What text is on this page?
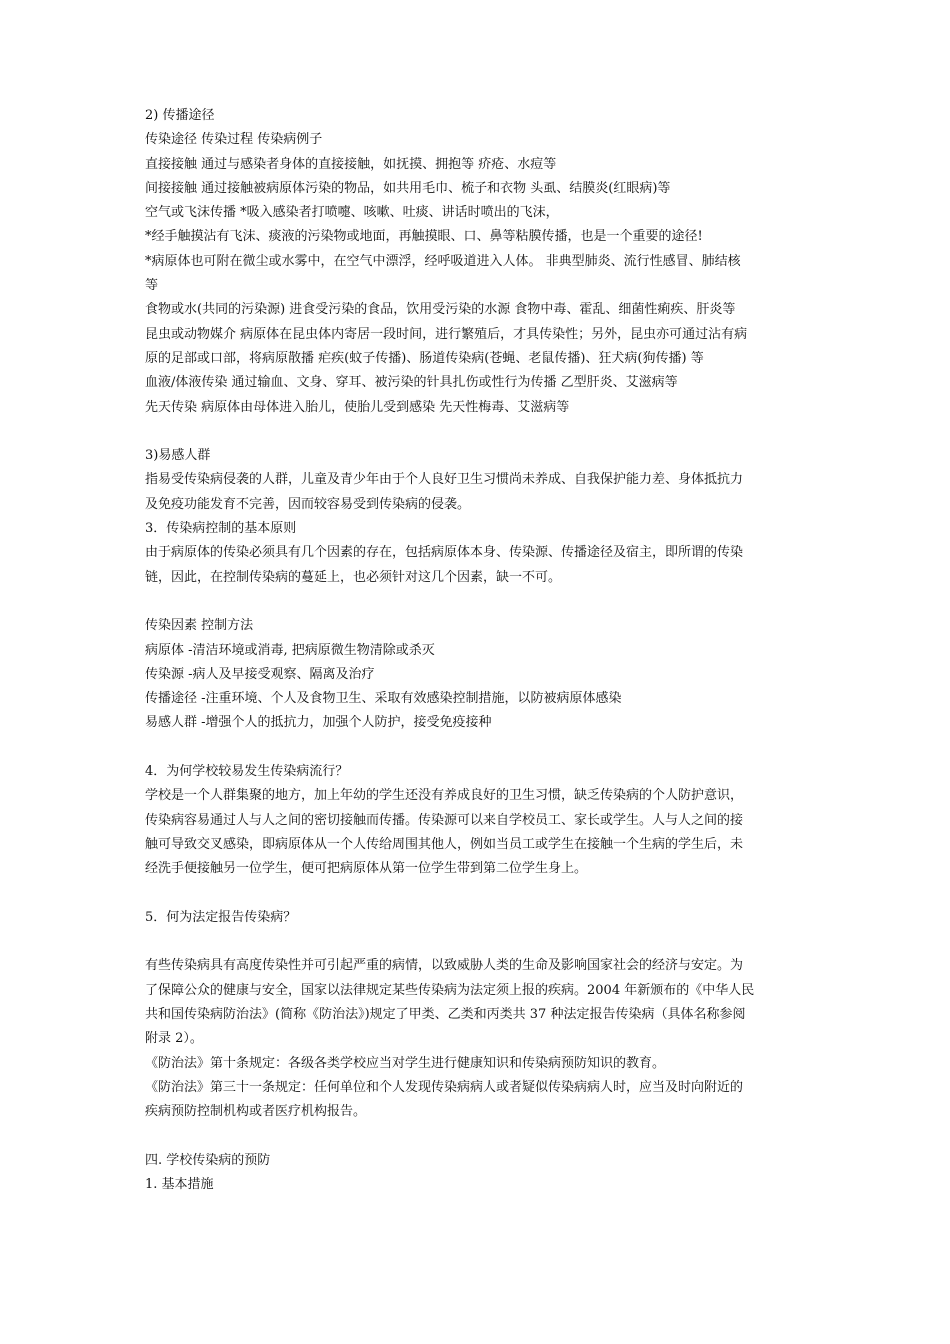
2) 传播途径
传染途径 传染过程 传染病例子
直接接触 通过与感染者身体的直接接触，如抚摸、拥抱等 疥疮、水痘等
间接接触 通过接触被病原体污染的物品，如共用毛巾、梳子和衣物 头虱、结膜炎(红眼病)等
空气或飞沫传播 *吸入感染者打喷嚏、咳嗽、吐痰、讲话时喷出的飞沫，
*经手触摸沾有飞沫、痰液的污染物或地面，再触摸眼、口、鼻等粘膜传播，也是一个重要的途径!
*病原体也可附在微尘或水雾中，在空气中漂浮，经呼吸道进入人体。 非典型肺炎、流行性感冒、肺结核
等
食物或水(共同的污染源) 进食受污染的食品，饮用受污染的水源 食物中毒、霍乱、细菌性痢疾、肝炎等
昆虫或动物媒介 病原体在昆虫体内寄居一段时间，进行繁殖后，才具传染性；另外，昆虫亦可通过沾有病
原的足部或口部，将病原散播 疟疾(蚊子传播)、肠道传染病(苍蝇、老鼠传播)、狂犬病(狗传播) 等
血液/体液传染 通过输血、文身、穿耳、被污染的针具扎伤或性行为传播 乙型肝炎、艾滋病等
先天传染 病原体由母体进入胎儿，使胎儿受到感染 先天性梅毒、艾滋病等
3)易感人群
指易受传染病侵袭的人群，儿童及青少年由于个人良好卫生习惯尚未养成、自我保护能力差、身体抵抗力
及免疫功能发育不完善，因而较容易受到传染病的侵袭。
3．传染病控制的基本原则
由于病原体的传染必须具有几个因素的存在，包括病原体本身、传染源、传播途径及宿主，即所谓的传染
链，因此，在控制传染病的蔓延上，也必须针对这几个因素，缺一不可。
传染因素 控制方法
病原体 -清洁环境或消毒, 把病原微生物清除或杀灭
传染源 -病人及早接受观察、隔离及治疗
传播途径 -注重环境、个人及食物卫生、采取有效感染控制措施，以防被病原体感染
易感人群 -增强个人的抵抗力，加强个人防护，接受免疫接种
4．为何学校较易发生传染病流行？
学校是一个人群集聚的地方，加上年幼的学生还没有养成良好的卫生习惯，缺乏传染病的个人防护意识，
传染病容易通过人与人之间的密切接触而传播。传染源可以来自学校员工、家长或学生。人与人之间的接
触可导致交叉感染，即病原体从一个人传给周围其他人，例如当员工或学生在接触一个生病的学生后，未
经洗手便接触另一位学生，便可把病原体从第一位学生带到第二位学生身上。
5．何为法定报告传染病？
有些传染病具有高度传染性并可引起严重的病情，以致威胁人类的生命及影响国家社会的经济与安定。为
了保障公众的健康与安全，国家以法律规定某些传染病为法定须上报的疾病。2004 年新颁布的《中华人民
共和国传染病防治法》(简称《防治法》)规定了甲类、乙类和丙类共 37 种法定报告传染病（具体名称参阅
附录 2）。
《防治法》第十条规定：各级各类学校应当对学生进行健康知识和传染病预防知识的教育。
《防治法》第三十一条规定：任何单位和个人发现传染病病人或者疑似传染病病人时，应当及时向附近的
疾病预防控制机构或者医疗机构报告。
四. 学校传染病的预防
1. 基本措施
